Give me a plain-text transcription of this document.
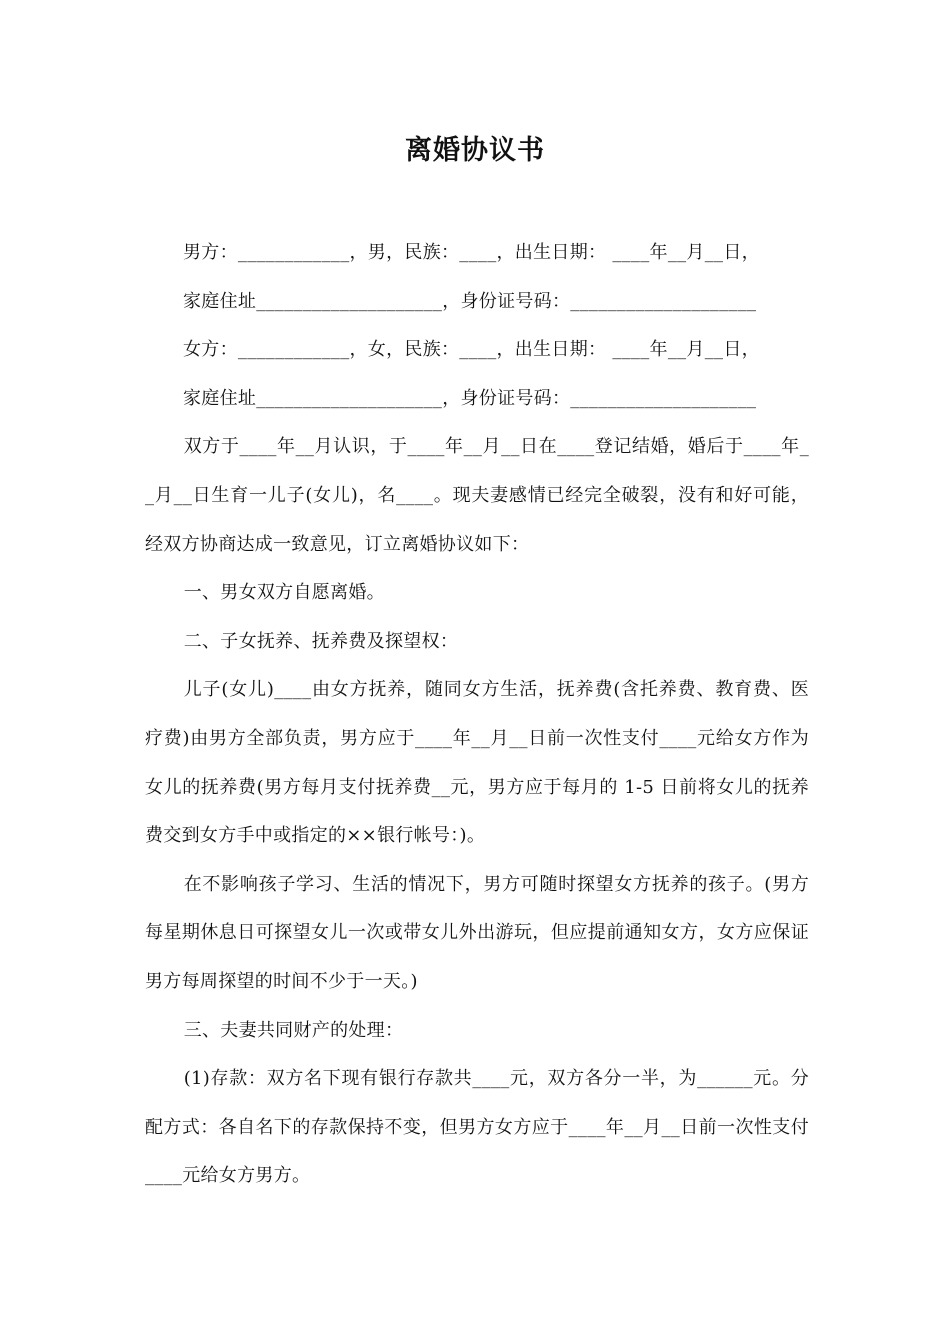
离婚协议书

男方：____________，男，民族：____，出生日期： ____年__月__日，

家庭住址____________________，身份证号码：____________________

女方：____________，女，民族：____，出生日期： ____年__月__日，

家庭住址____________________，身份证号码：____________________

双方于____年__月认识，于____年__月__日在____登记结婚，婚后于____年__月__日生育一儿子(女儿)，名____。现夫妻感情已经完全破裂，没有和好可能，经双方协商达成一致意见，订立离婚协议如下：

一、男女双方自愿离婚。

二、子女抚养、抚养费及探望权：

儿子(女儿)____由女方抚养，随同女方生活，抚养费(含托养费、教育费、医疗费)由男方全部负责，男方应于____年__月__日前一次性支付____元给女方作为女儿的抚养费(男方每月支付抚养费__元，男方应于每月的 1-5 日前将女儿的抚养费交到女方手中或指定的××银行帐号：)。

在不影响孩子学习、生活的情况下，男方可随时探望女方抚养的孩子。(男方每星期休息日可探望女儿一次或带女儿外出游玩，但应提前通知女方，女方应保证男方每周探望的时间不少于一天。)

三、夫妻共同财产的处理：

(1)存款：双方名下现有银行存款共____元，双方各分一半，为______元。分配方式：各自名下的存款保持不变，但男方女方应于____年__月__日前一次性支付____元给女方男方。
